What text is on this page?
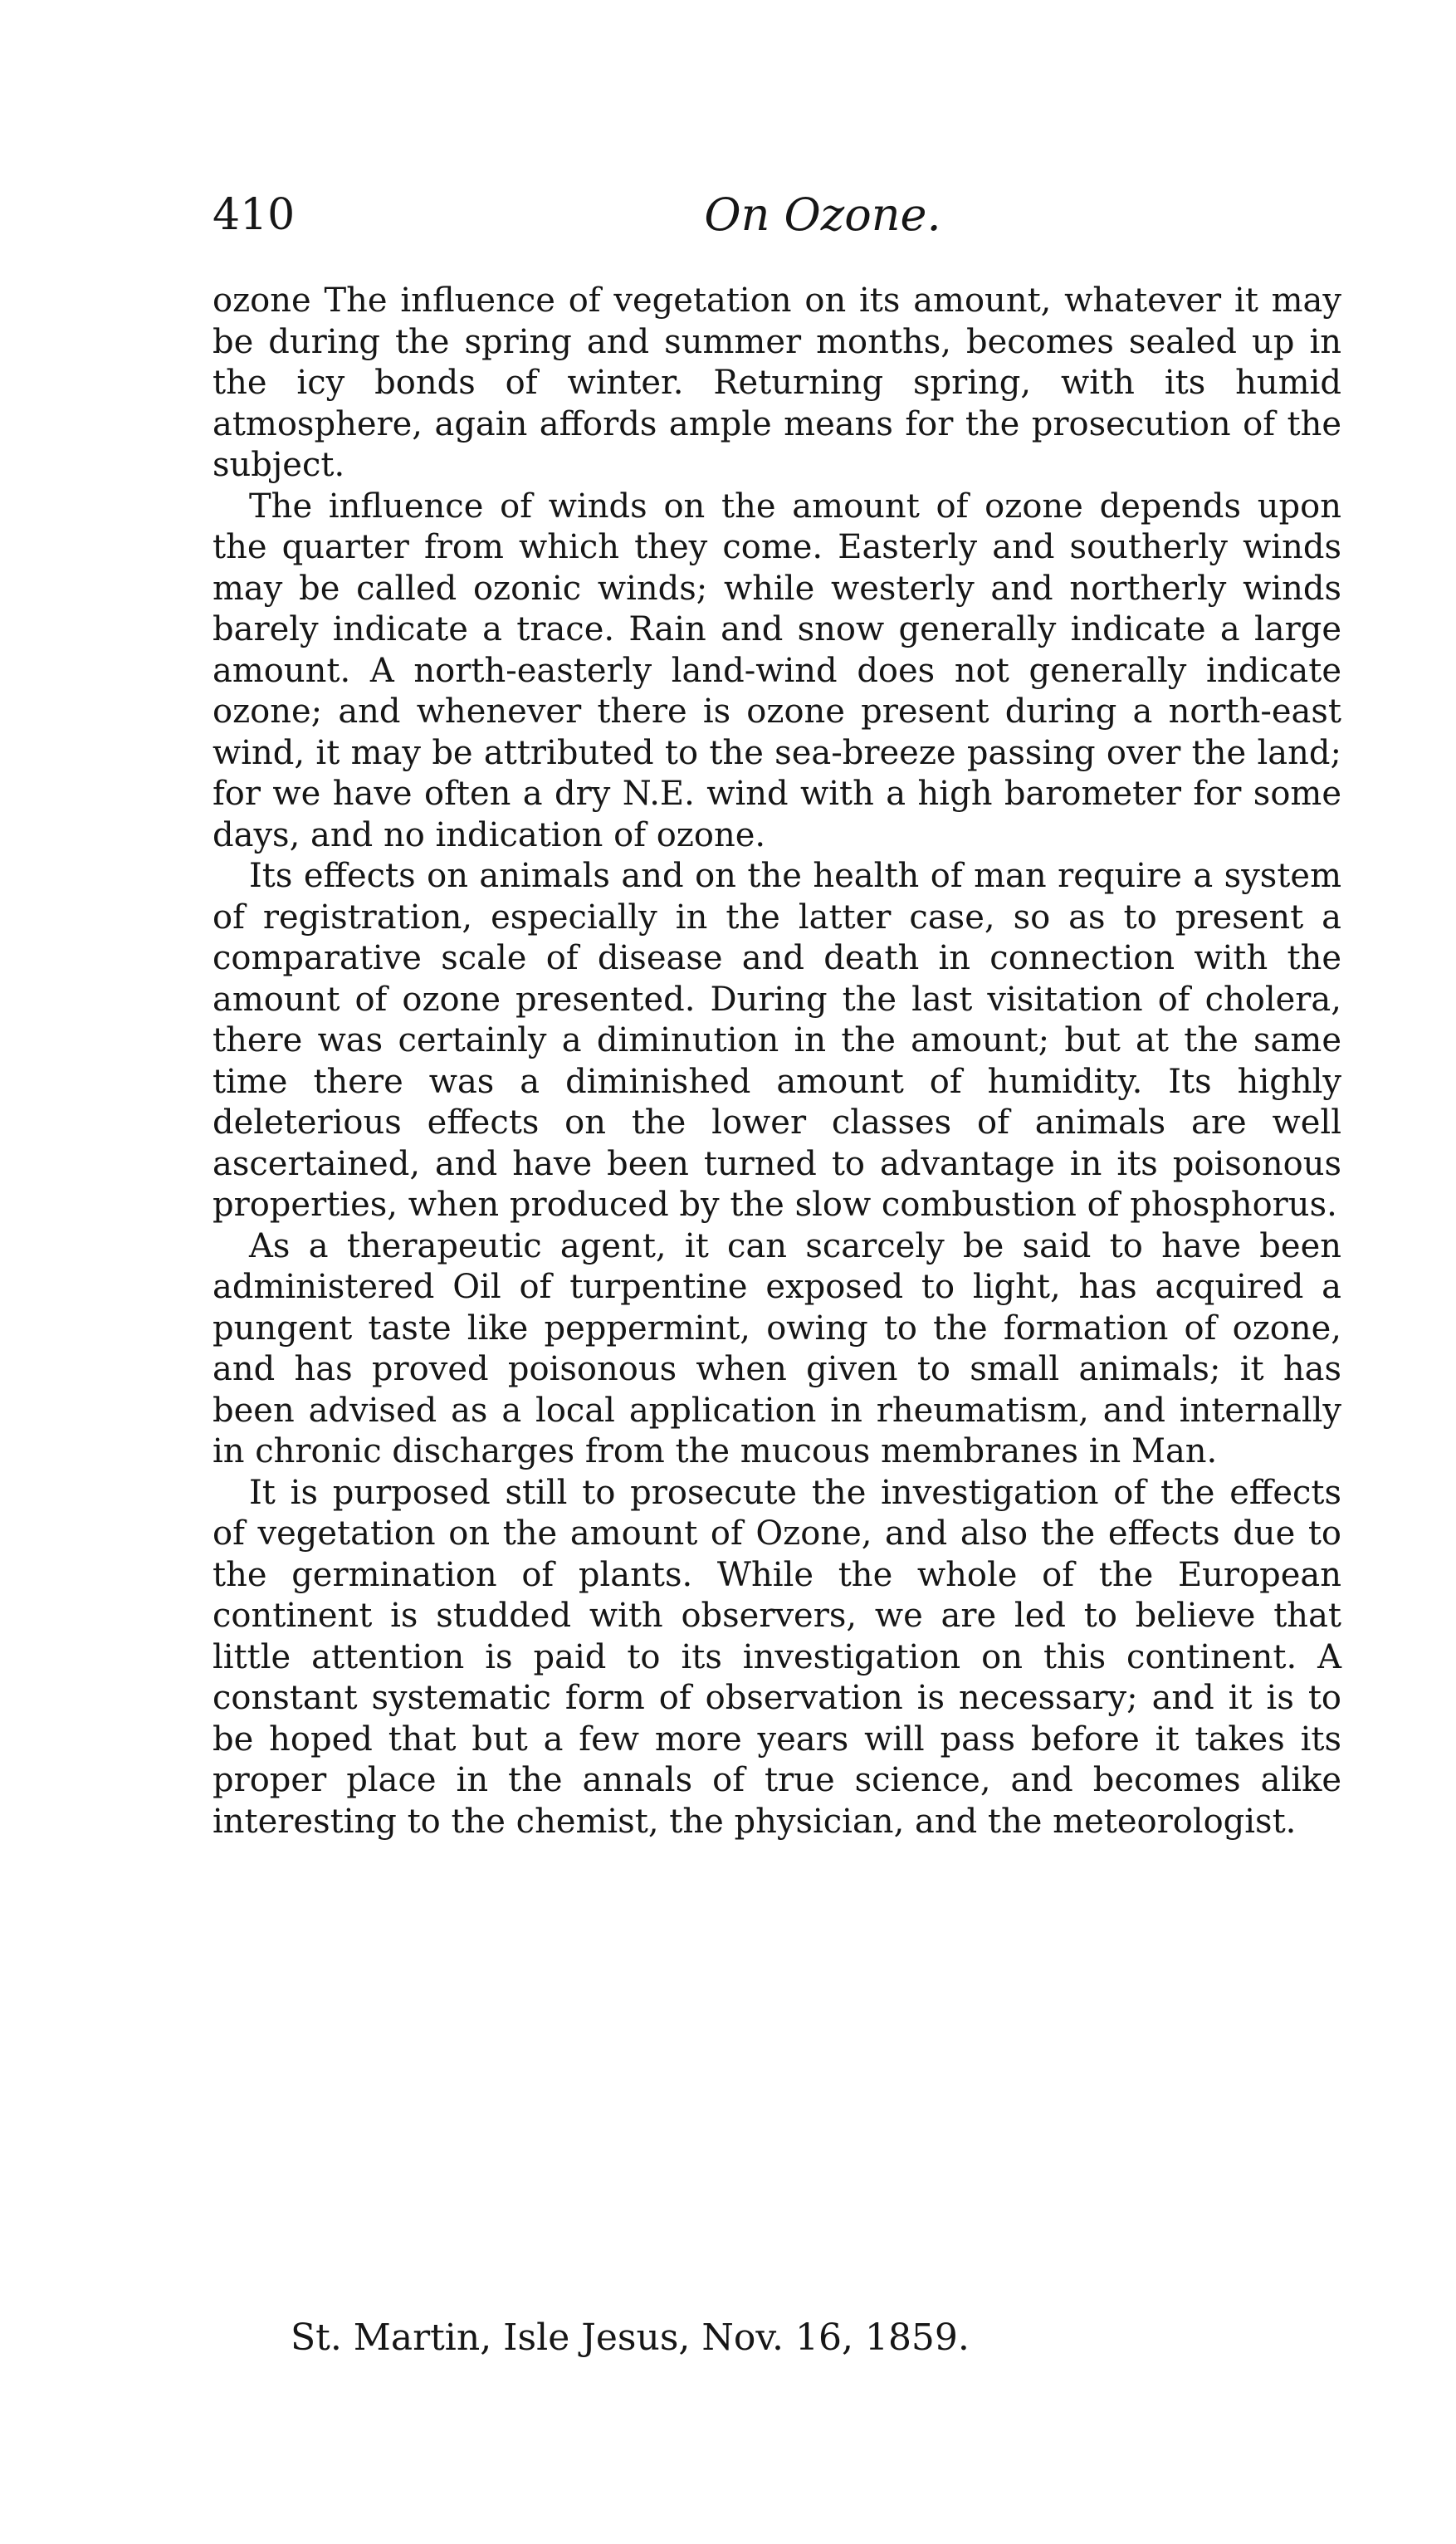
410	On Ozone.

ozone The influence of vegetation on its amount, whatever it may be during the spring and summer months, becomes sealed up in the icy bonds of winter. Returning spring, with its humid atmosphere, again affords ample means for the prosecution of the subject.

The influence of winds on the amount of ozone depends upon the quarter from which they come. Easterly and southerly winds may be called ozonic winds; while westerly and northerly winds barely indicate a trace. Rain and snow generally indicate a large amount. A north-easterly land-wind does not generally indicate ozone; and whenever there is ozone present during a north-east wind, it may be attributed to the sea-breeze passing over the land; for we have often a dry N.E. wind with a high barometer for some days, and no indication of ozone.

Its effects on animals and on the health of man require a system of registration, especially in the latter case, so as to present a comparative scale of disease and death in connection with the amount of ozone presented. During the last visitation of cholera, there was certainly a diminution in the amount; but at the same time there was a diminished amount of humidity. Its highly deleterious effects on the lower classes of animals are well ascertained, and have been turned to advantage in its poisonous properties, when produced by the slow combustion of phosphorus.

As a therapeutic agent, it can scarcely be said to have been administered Oil of turpentine exposed to light, has acquired a pungent taste like peppermint, owing to the formation of ozone, and has proved poisonous when given to small animals; it has been advised as a local application in rheumatism, and internally in chronic discharges from the mucous membranes in Man.

It is purposed still to prosecute the investigation of the effects of vegetation on the amount of Ozone, and also the effects due to the germination of plants. While the whole of the European continent is studded with observers, we are led to believe that little attention is paid to its investigation on this continent. A constant systematic form of observation is necessary; and it is to be hoped that but a few more years will pass before it takes its proper place in the annals of true science, and becomes alike interesting to the chemist, the physician, and the meteorologist.

St. Martin, Isle Jesus, Nov. 16, 1859.
